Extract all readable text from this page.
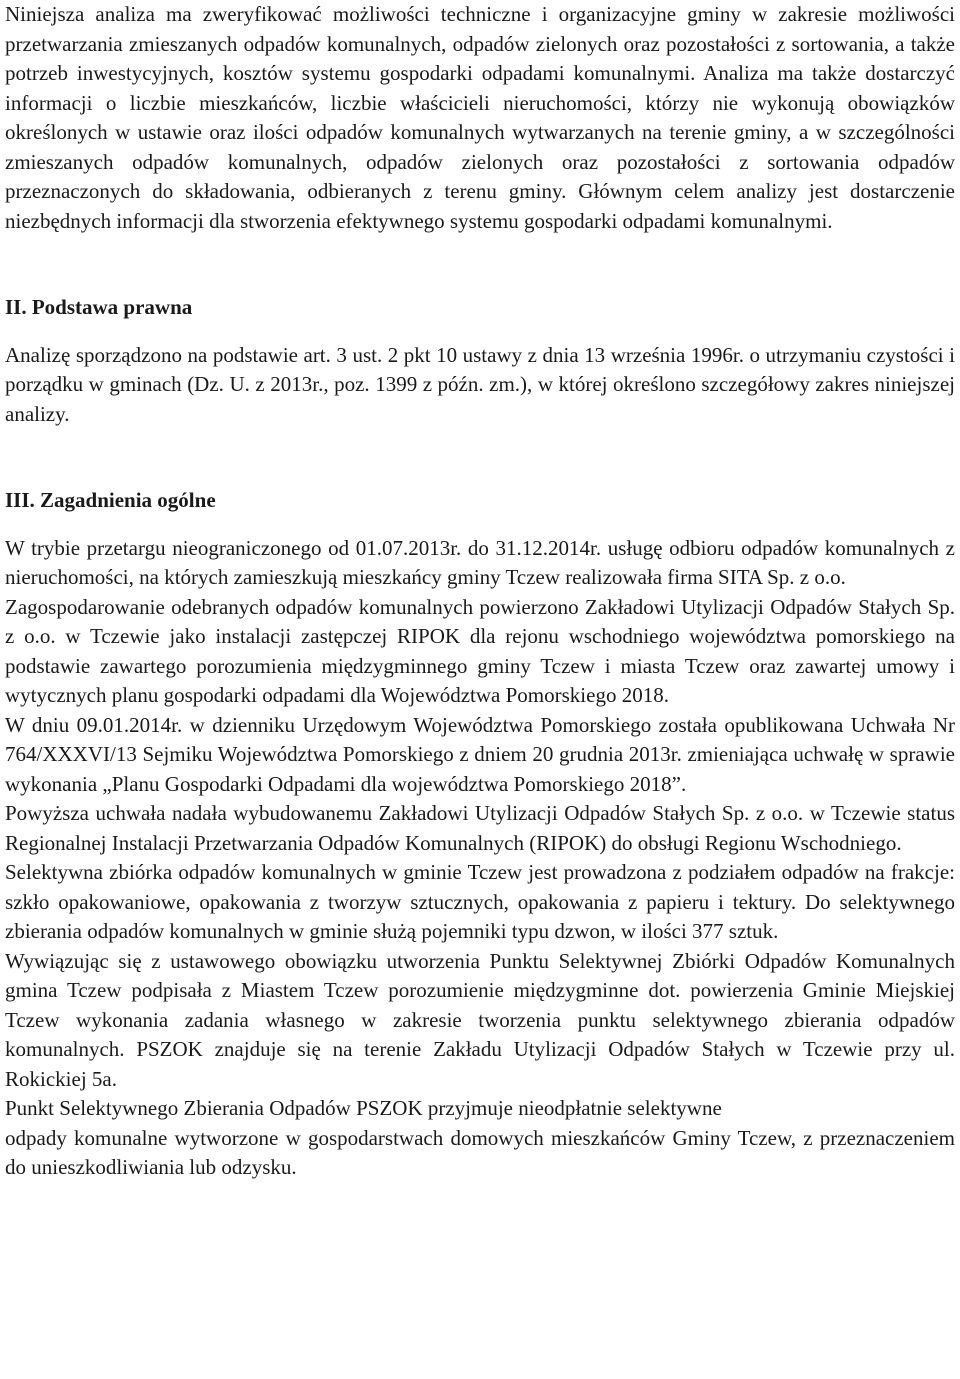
Niniejsza analiza ma zweryfikować możliwości techniczne i organizacyjne gminy w zakresie możliwości przetwarzania zmieszanych odpadów komunalnych, odpadów zielonych oraz pozostałości z sortowania, a także potrzeb inwestycyjnych, kosztów systemu gospodarki odpadami komunalnymi. Analiza ma także dostarczyć informacji o liczbie mieszkańców, liczbie właścicieli nieruchomości, którzy nie wykonują obowiązków określonych w ustawie oraz ilości odpadów komunalnych wytwarzanych na terenie gminy, a w szczególności zmieszanych odpadów komunalnych, odpadów zielonych oraz pozostałości z sortowania odpadów przeznaczonych do składowania, odbieranych z terenu gminy. Głównym celem analizy jest dostarczenie niezbędnych informacji dla stworzenia efektywnego systemu gospodarki odpadami komunalnymi.

II. Podstawa prawna

Analizę sporządzono na podstawie art. 3 ust. 2 pkt 10 ustawy z dnia 13 września 1996r. o utrzymaniu czystości i porządku w gminach (Dz. U. z 2013r., poz. 1399 z późn. zm.), w której określono szczegółowy zakres niniejszej analizy.

III. Zagadnienia ogólne

W trybie przetargu nieograniczonego od 01.07.2013r. do 31.12.2014r. usługę odbioru odpadów komunalnych z nieruchomości, na których zamieszkują mieszkańcy gminy Tczew realizowała firma SITA Sp. z o.o.

Zagospodarowanie odebranych odpadów komunalnych powierzono Zakładowi Utylizacji Odpadów Stałych Sp. z o.o. w Tczewie jako instalacji zastępczej RIPOK dla rejonu wschodniego województwa pomorskiego na podstawie zawartego porozumienia międzygminnego gminy Tczew i miasta Tczew oraz zawartej umowy i wytycznych planu gospodarki odpadami dla Województwa Pomorskiego 2018.

W dniu 09.01.2014r. w dzienniku Urzędowym Województwa Pomorskiego została opublikowana Uchwała Nr 764/XXXVI/13 Sejmiku Województwa Pomorskiego z dniem 20 grudnia 2013r. zmieniająca uchwałę w sprawie wykonania „Planu Gospodarki Odpadami dla województwa Pomorskiego 2018”.

Powyższa uchwała nadała wybudowanemu Zakładowi Utylizacji Odpadów Stałych Sp. z o.o. w Tczewie status Regionalnej Instalacji Przetwarzania Odpadów Komunalnych (RIPOK) do obsługi Regionu Wschodniego.

Selektywna zbiórka odpadów komunalnych w gminie Tczew jest prowadzona z podziałem odpadów na frakcje: szkło opakowaniowe, opakowania z tworzyw sztucznych, opakowania z papieru i tektury. Do selektywnego zbierania odpadów komunalnych w gminie służą pojemniki typu dzwon, w ilości 377 sztuk.

Wywiązując się z ustawowego obowiązku utworzenia Punktu Selektywnej Zbiórki Odpadów Komunalnych gmina Tczew podpisała z Miastem Tczew porozumienie międzygminne dot. powierzenia Gminie Miejskiej Tczew wykonania zadania własnego w zakresie tworzenia punktu selektywnego zbierania odpadów komunalnych. PSZOK znajduje się na terenie Zakładu Utylizacji Odpadów Stałych w Tczewie przy ul. Rokickiej 5a.

Punkt Selektywnego Zbierania Odpadów PSZOK przyjmuje nieodpłatnie selektywne

odpady komunalne wytworzone w gospodarstwach domowych mieszkańców Gminy Tczew, z przeznaczeniem do unieszkodliwiania lub odzysku.
